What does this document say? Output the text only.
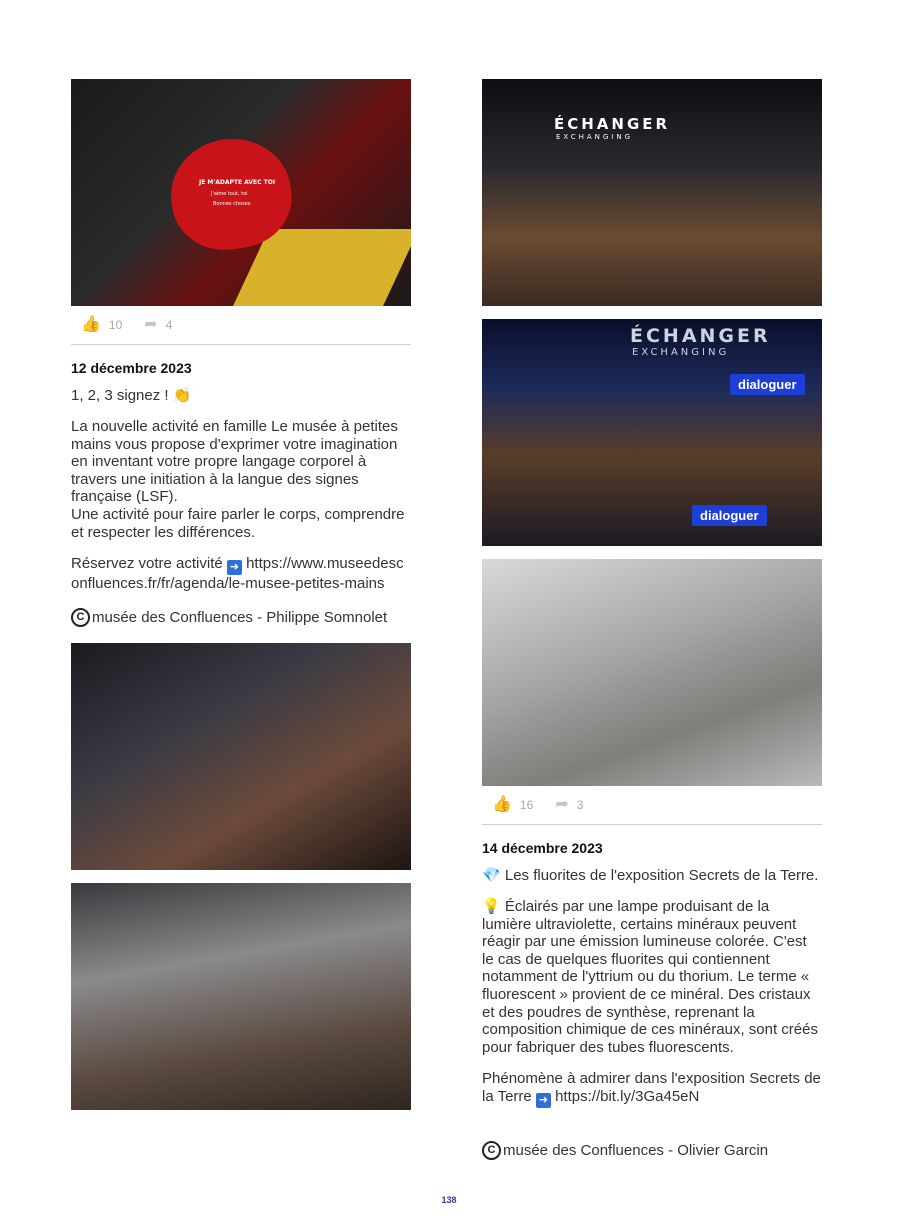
JE M'ADAPTE AVEC TOI
J'aime tout, toi
Bonnes choses
👍 10 ➦ 4
12 décembre 2023
1, 2, 3 signez ! 👏
La nouvelle activité en famille Le musée à petites mains vous propose d'exprimer votre imagination en inventant votre propre langage corporel à travers une initiation à la langue des signes française (LSF).
Une activité pour faire parler le corps, comprendre et respecter les différences.
Réservez votre activité ➜ https://www.museedesconfluences.fr/fr/agenda/le-musee-petites-mains
C musée des Confluences - Philippe Somnolet
ÉCHANGER
EXCHANGING
ÉCHANGER
EXCHANGING
dialoguer
dialoguer
👍 16 ➦ 3
14 décembre 2023
💎 Les fluorites de l'exposition Secrets de la Terre.
💡 Éclairés par une lampe produisant de la lumière ultraviolette, certains minéraux peuvent réagir par une émission lumineuse colorée. C'est le cas de quelques fluorites qui contiennent notamment de l'yttrium ou du thorium. Le terme « fluorescent » provient de ce minéral. Des cristaux et des poudres de synthèse, reprenant la composition chimique de ces minéraux, sont créés pour fabriquer des tubes fluorescents.
Phénomène à admirer dans l'exposition Secrets de la Terre ➜ https://bit.ly/3Ga45eN
C musée des Confluences - Olivier Garcin
138
